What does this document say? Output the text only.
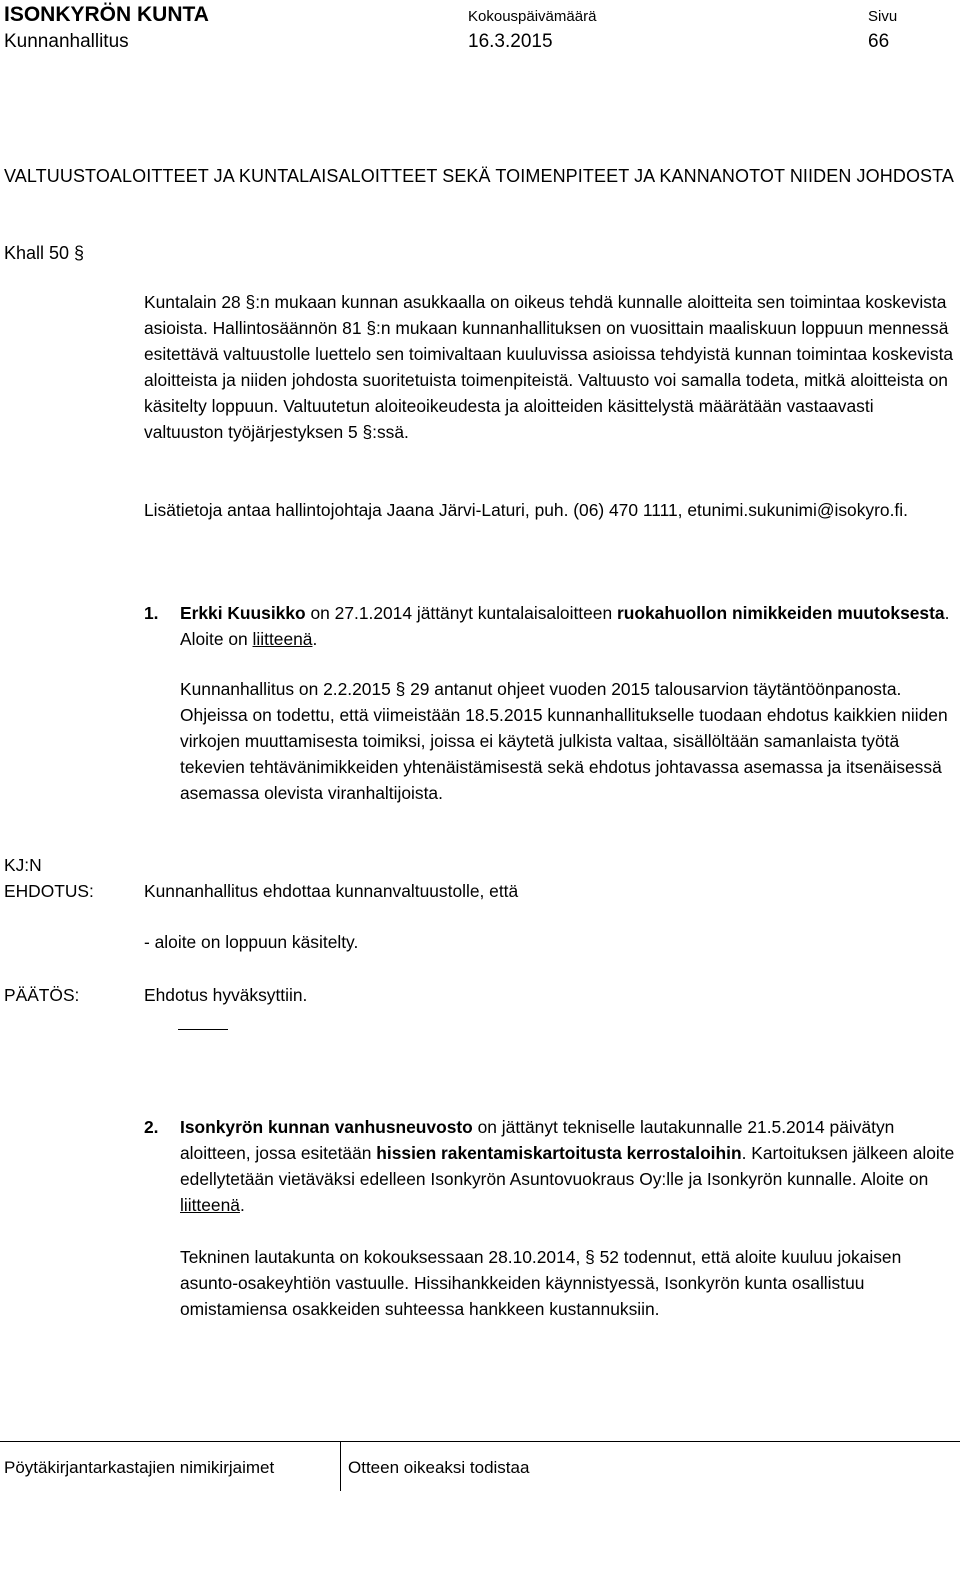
ISONKYRÖN KUNTA
Kunnanhallitus
Kokouspäivämäärä
16.3.2015
Sivu
66
VALTUUSTOALOITTEET JA KUNTALAISALOITTEET SEKÄ TOIMENPITEET JA KANNANOTOT NIIDEN JOHDOSTA
Khall 50 §

Kuntalain 28 §:n mukaan kunnan asukkaalla on oikeus tehdä kunnalle aloitteita sen toimintaa koskevista asioista. Hallintosäännön 81 §:n mukaan kunnanhallituksen on vuosittain maaliskuun loppuun mennessä esitettävä valtuustolle luettelo sen toimivaltaan kuuluvissa asioissa tehdyistä kunnan toimintaa koskevista aloitteista ja niiden johdosta suoritetuista toimenpiteistä. Valtuusto voi samalla todeta, mitkä aloitteista on käsitelty loppuun. Valtuutetun aloiteoikeudesta ja aloitteiden käsittelystä määrätään vastaavasti valtuuston työjärjestyksen 5 §:ssä.

Lisätietoja antaa hallintojohtaja Jaana Järvi-Laturi, puh. (06) 470 1111, etunimi.sukunimi@isokyro.fi.

1. Erkki Kuusikko on 27.1.2014 jättänyt kuntalaisaloitteen ruokahuollon nimikkeiden muutoksesta. Aloite on liitteenä.

Kunnanhallitus on 2.2.2015 § 29 antanut ohjeet vuoden 2015 talousarvion täytäntöönpanosta. Ohjeissa on todettu, että viimeistään 18.5.2015 kunnanhallitukselle tuodaan ehdotus kaikkien niiden virkojen muuttamisesta toimiksi, joissa ei käytetä julkista valtaa, sisällöltään samanlaista työtä tekevien tehtävänimikkeiden yhtenäistämisestä sekä ehdotus johtavassa asemassa ja itsenäisessä asemassa olevista viranhaltijoista.

KJ:N
EHDOTUS:	Kunnanhallitus ehdottaa kunnanvaltuustolle, että
- aloite on loppuun käsitelty.
PÄÄTÖS:	Ehdotus hyväksyttiin.
2. Isonkyrön kunnan vanhusneuvosto on jättänyt tekniselle lautakunnalle 21.5.2014 päivätyn aloitteen, jossa esitetään hissien rakentamiskartoitusta kerrostaloihin. Kartoituksen jälkeen aloite edellytetään vietäväksi edelleen Isonkyrön Asuntovuokraus Oy:lle ja Isonkyrön kunnalle. Aloite on liitteenä.

Tekninen lautakunta on kokouksessaan 28.10.2014, § 52 todennut, että aloite kuuluu jokaisen asunto-osakeyhtiön vastuulle. Hissihankkeiden käynnistyessä, Isonkyrön kunta osallistuu omistamiensa osakkeiden suhteessa hankkeen kustannuksiin.

Pöytäkirjantarkastajien nimikirjaimet	Otteen oikeaksi todistaa
